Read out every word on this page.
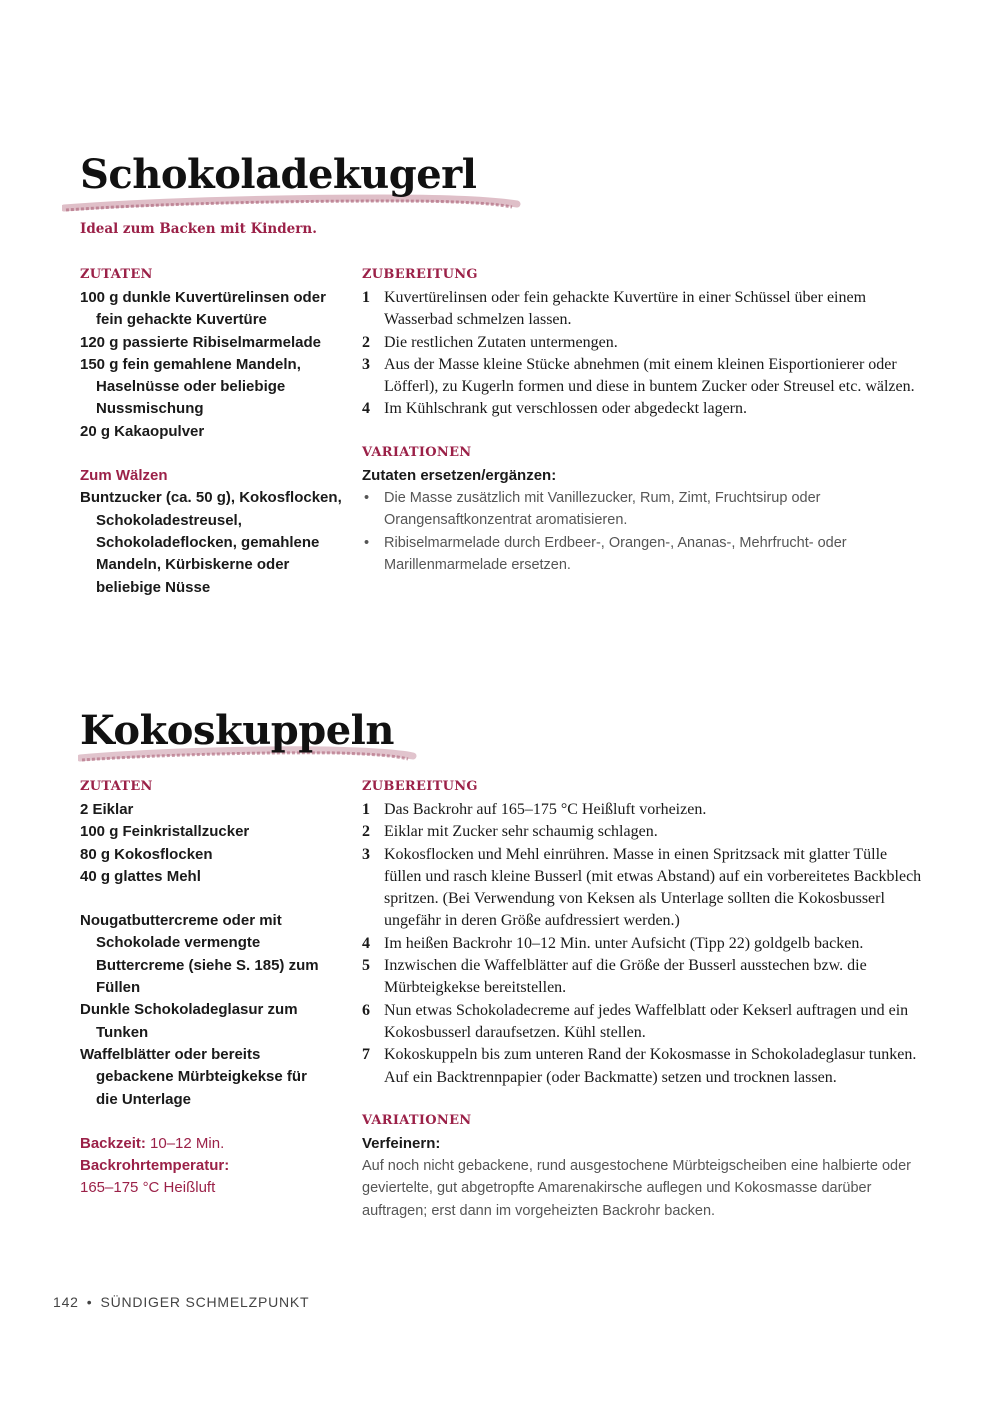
Schokoladekugerl

Ideal zum Backen mit Kindern.

ZUTATEN
100 g dunkle Kuvertürelinsen oder fein gehackte Kuvertüre
120 g passierte Ribiselmarmelade
150 g fein gemahlene Mandeln, Haselnüsse oder beliebige Nussmischung
20 g Kakaopulver

Zum Wälzen

Buntzucker (ca. 50 g), Kokosflocken, Schokoladestreusel, Schokoladeflocken, gemahlene Mandeln, Kürbiskerne oder beliebige Nüsse
ZUBEREITUNG
1 Kuvertürelinsen oder fein gehackte Kuvertüre in einer Schüssel über einem Wasserbad schmelzen lassen.
2 Die restlichen Zutaten untermengen.
3 Aus der Masse kleine Stücke abnehmen (mit einem kleinen Eisportionierer oder Löfferl), zu Kugerln formen und diese in buntem Zucker oder Streusel etc. wälzen.
4 Im Kühlschrank gut verschlossen oder abgedeckt lagern.
VARIATIONEN

Zutaten ersetzen/ergänzen:

• Die Masse zusätzlich mit Vanillezucker, Rum, Zimt, Fruchtsirup oder Orangensaftkonzentrat aromatisieren.
• Ribiselmarmelade durch Erdbeer-, Orangen-, Ananas-, Mehrfrucht- oder Marillenmarmelade ersetzen.
Kokoskuppeln
ZUTATEN
2 Eiklar
100 g Feinkristallzucker
80 g Kokosflocken
40 g glattes Mehl
Nougatbuttercreme oder mit Schokolade vermengte Buttercreme (siehe S. 185) zum Füllen
Dunkle Schokoladeglasur zum Tunken
Waffelblätter oder bereits gebackene Mürbteigkekse für die Unterlage

Backzeit: 10–12 Min.

Backrohrtemperatur:

165–175 °C Heißluft

ZUBEREITUNG
1 Das Backrohr auf 165–175 °C Heißluft vorheizen.
2 Eiklar mit Zucker sehr schaumig schlagen.
3 Kokosflocken und Mehl einrühren. Masse in einen Spritzsack mit glatter Tülle füllen und rasch kleine Busserl (mit etwas Abstand) auf ein vorbereitetes Backblech spritzen. (Bei Verwendung von Keksen als Unterlage sollten die Kokosbusserl ungefähr in deren Größe aufdressiert werden.)
4 Im heißen Backrohr 10–12 Min. unter Aufsicht (Tipp 22) goldgelb backen.
5 Inzwischen die Waffelblätter auf die Größe der Busserl ausstechen bzw. die Mürbteigkekse bereitstellen.
6 Nun etwas Schokoladecreme auf jedes Waffelblatt oder Kekserl auftragen und ein Kokosbusserl daraufsetzen. Kühl stellen.
7 Kokoskuppeln bis zum unteren Rand der Kokosmasse in Schokoladeglasur tunken. Auf ein Backtrennpapier (oder Backmatte) setzen und trocknen lassen.
VARIATIONEN

Verfeinern:

Auf noch nicht gebackene, rund ausgestochene Mürbteigscheiben eine halbierte oder geviertelte, gut abgetropfte Amarenakirsche auflegen und Kokosmasse darüber auftragen; erst dann im vorgeheizten Backrohr backen.

142 • SÜNDIGER SCHMELZPUNKT
